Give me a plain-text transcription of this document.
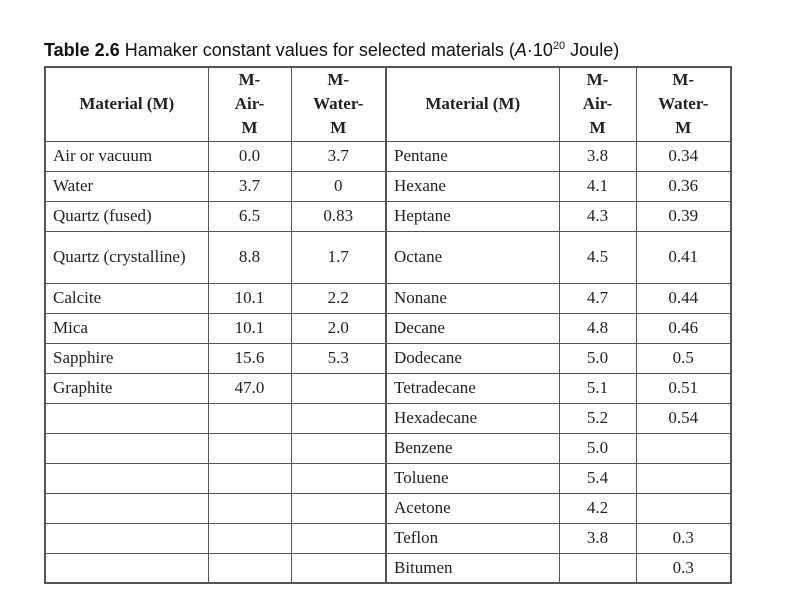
Table 2.6 Hamaker constant values for selected materials ($A\cdot 10^{20}$ Joule)
Material (M)	M-
Air-
M	M-
Water-
M	Material (M)	M-
Air-
M	M-
Water-
M
Air or vacuum	0.0	3.7	Pentane	3.8	0.34
Water	3.7	0	Hexane	4.1	0.36
Quartz (fused)	6.5	0.83	Heptane	4.3	0.39
Quartz (crystalline)	8.8	1.7	Octane	4.5	0.41
Calcite	10.1	2.2	Nonane	4.7	0.44
Mica	10.1	2.0	Decane	4.8	0.46
Sapphire	15.6	5.3	Dodecane	5.0	0.5
Graphite	47.0		Tetradecane	5.1	0.51
			Hexadecane	5.2	0.54
			Benzene	5.0	
			Toluene	5.4	
			Acetone	4.2	
			Teflon	3.8	0.3
			Bitumen		0.3
